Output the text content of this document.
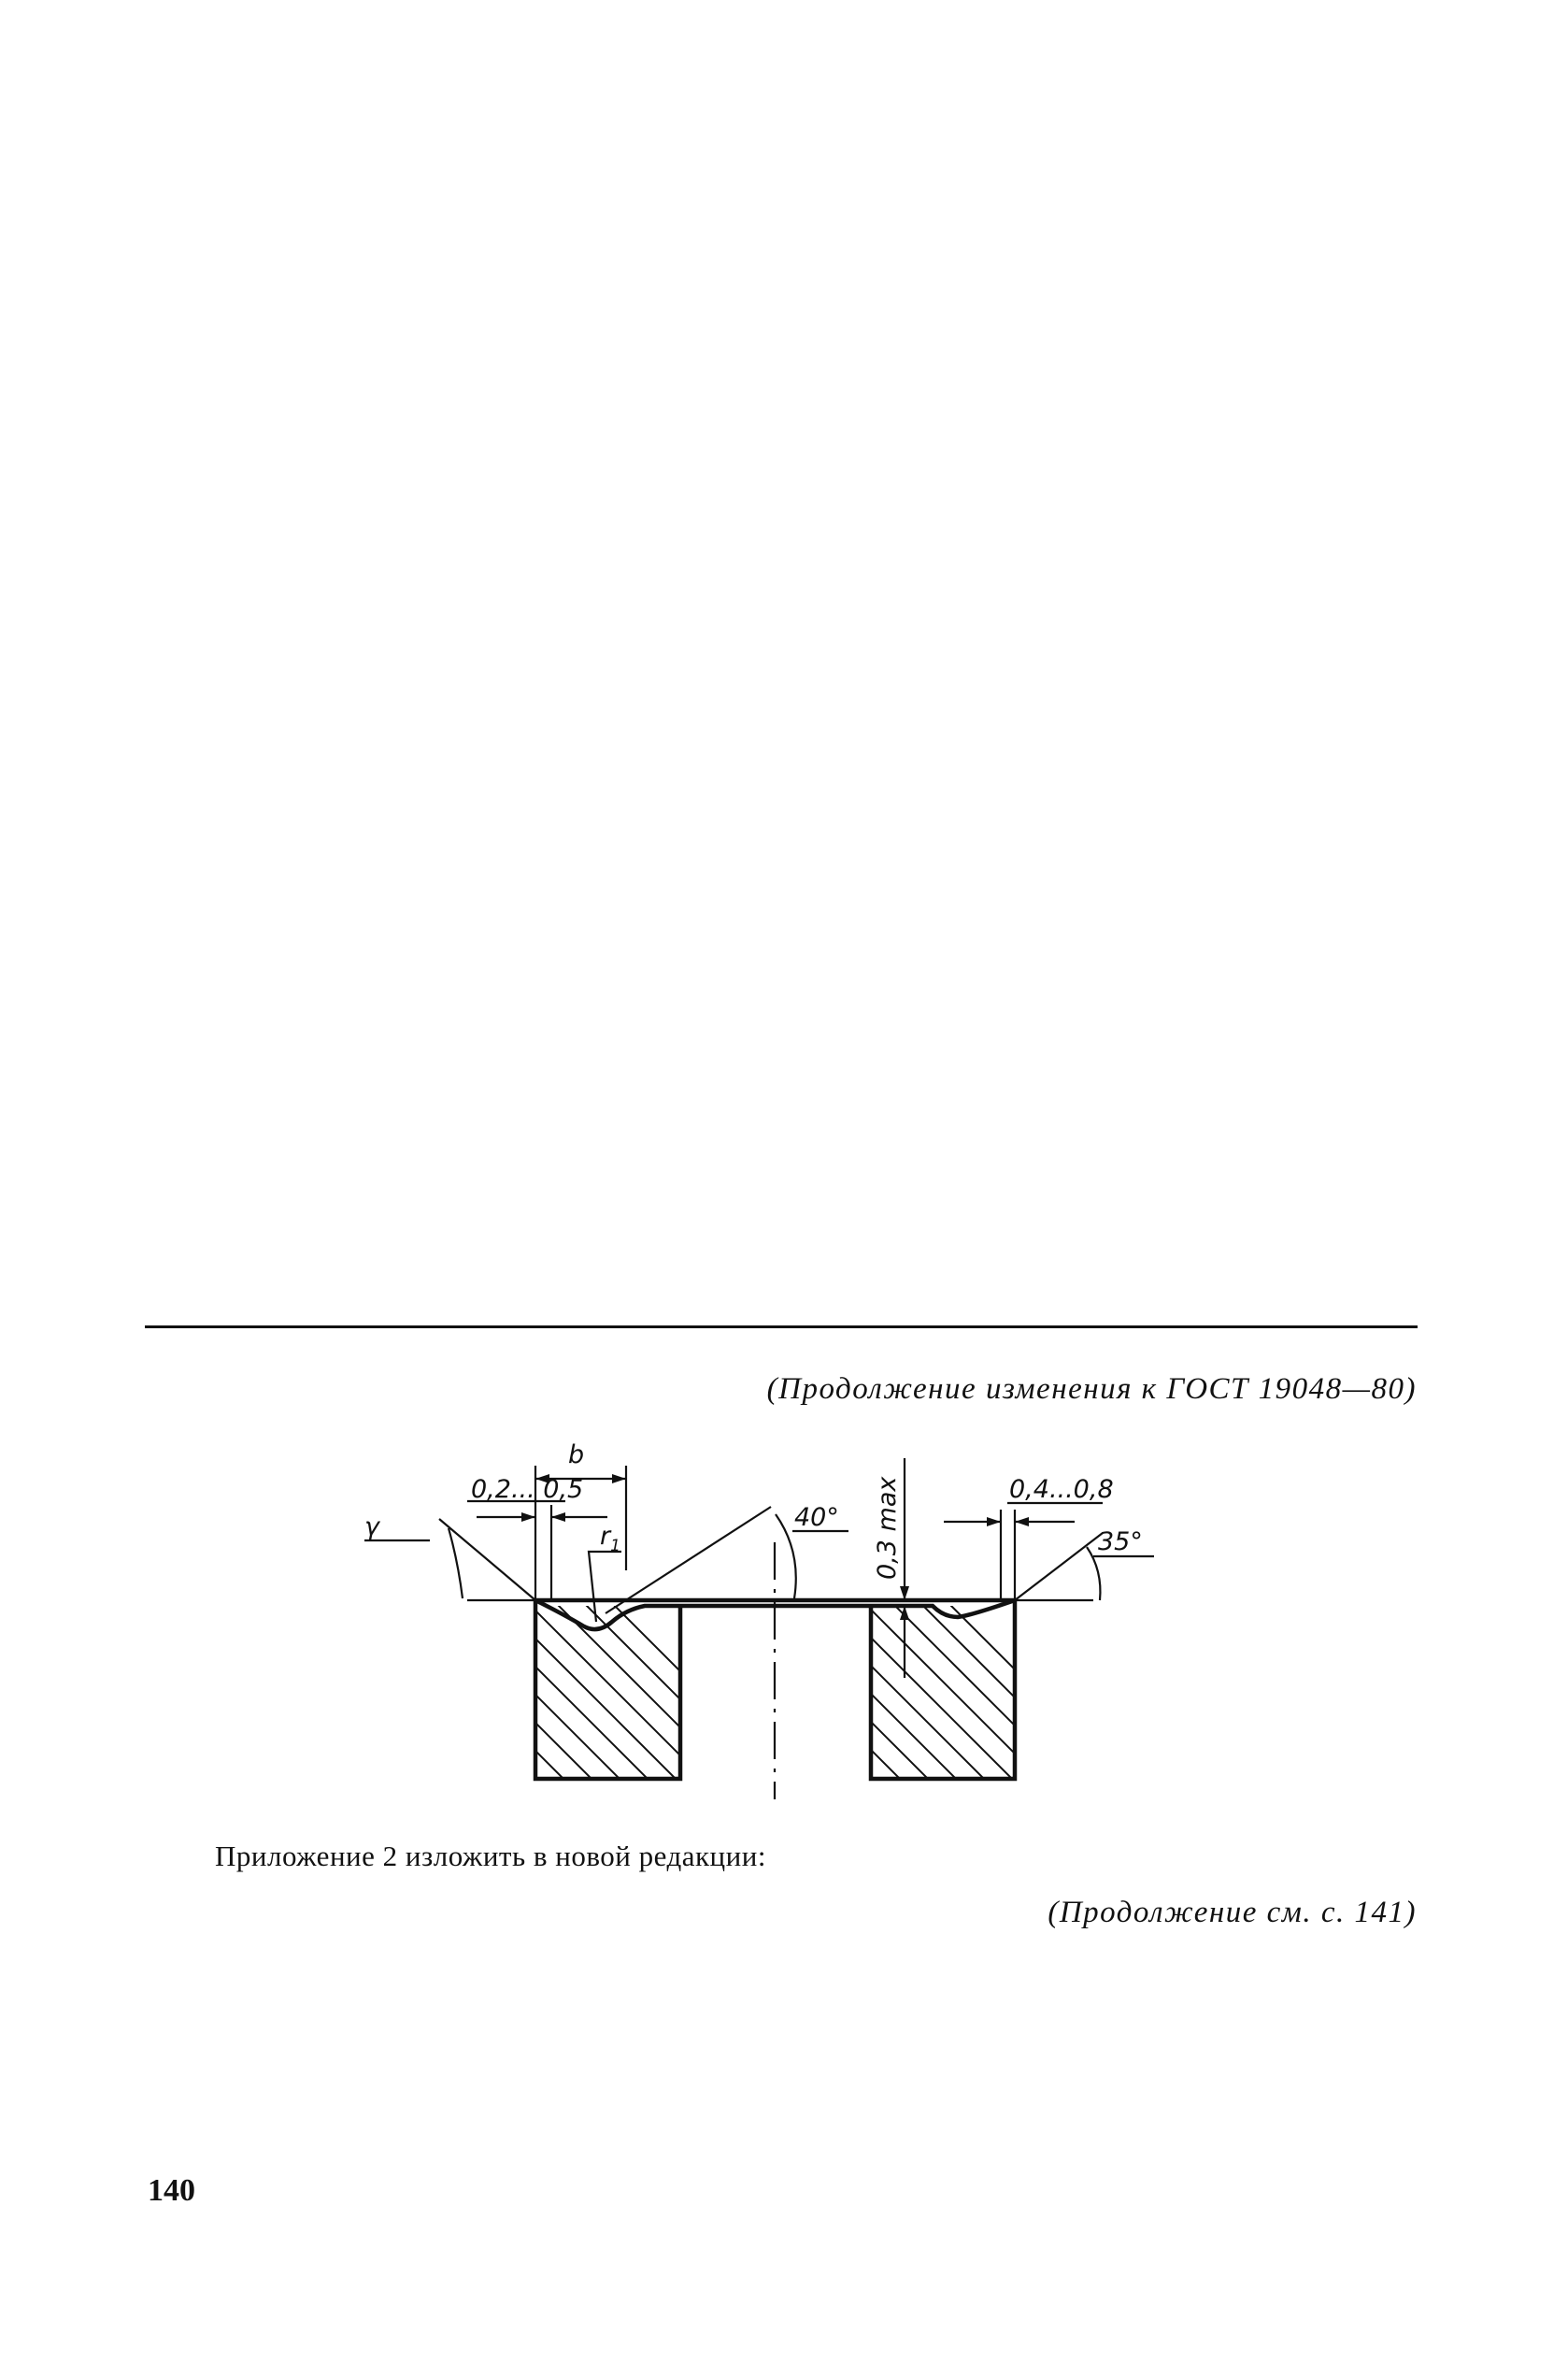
(Продолжение изменения к ГОСТ 19048—80)
b
0,2... 0,5
γ	$r_1$
40° 0,3 max	0,4...0,8
35°
Приложение 2 изложить в новой редакции:
(Продолжение см. с. 141)
140
